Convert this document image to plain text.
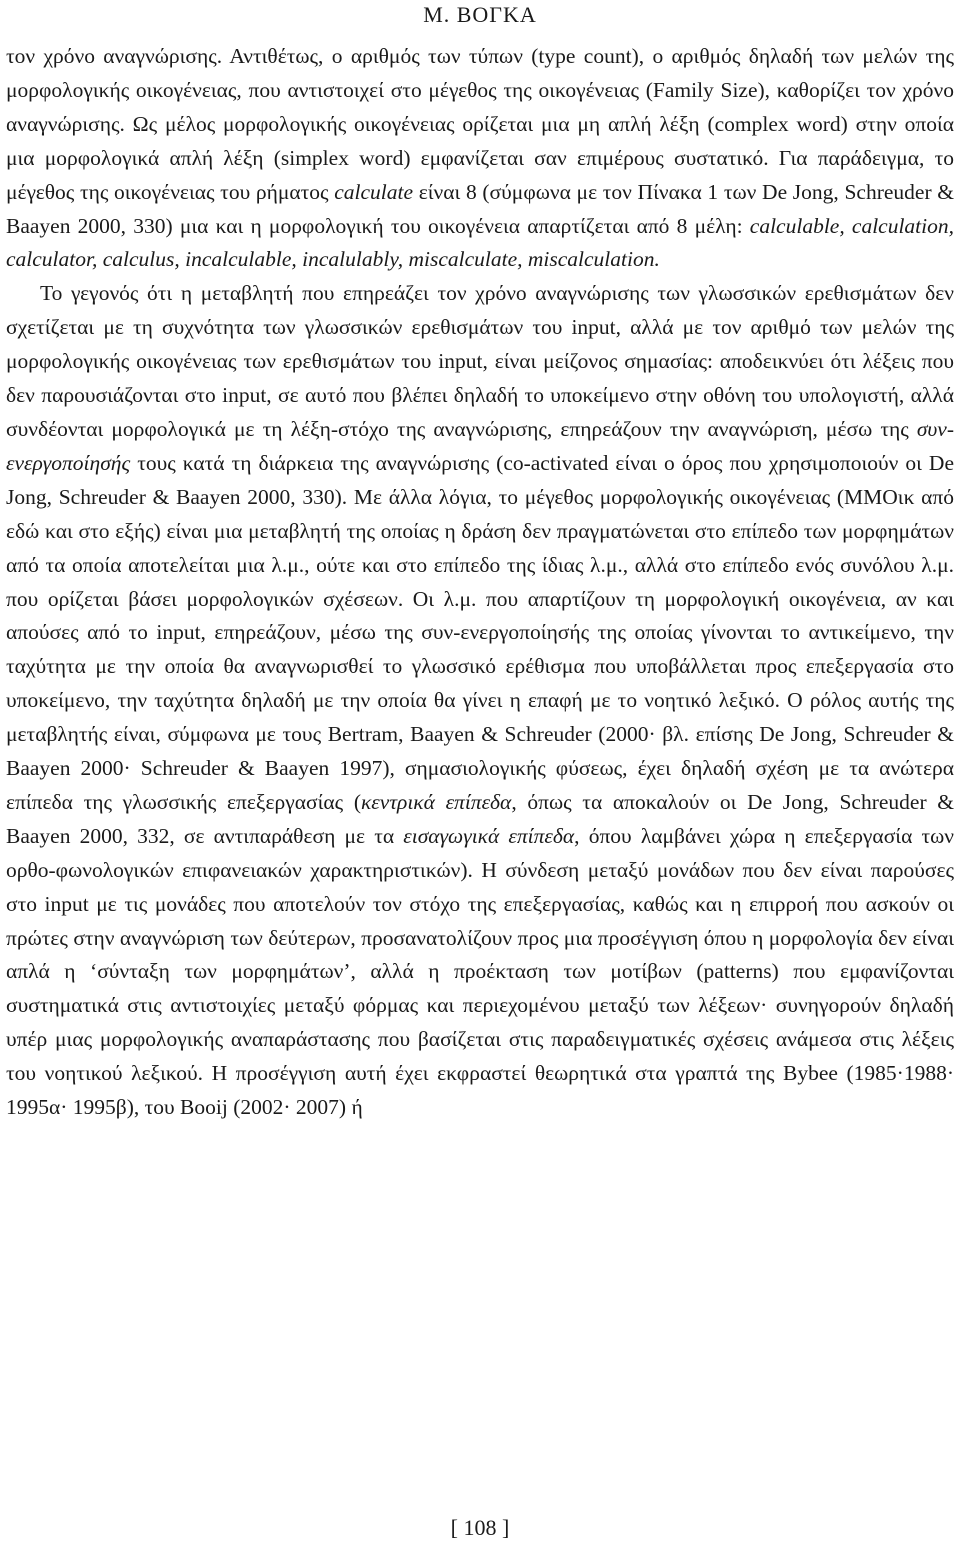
Μ. ΒΟΓΚΑ

τον χρόνο αναγνώρισης. Αντιθέτως, ο αριθμός των τύπων (type count), ο αριθμός δηλαδή των μελών της μορφολογικής οικογένειας, που αντιστοιχεί στο μέγεθος της οικογένειας (Family Size), καθορίζει τον χρόνο αναγνώρισης. Ως μέλος μορφολογικής οικογένειας ορίζεται μια μη απλή λέξη (complex word) στην οποία μια μορφολογικά απλή λέξη (simplex word) εμφανίζεται σαν επιμέρους συστατικό. Για παράδειγμα, το μέγεθος της οικογένειας του ρήματος calculate είναι 8 (σύμφωνα με τον Πίνακα 1 των De Jong, Schreuder & Baayen 2000, 330) μια και η μορφολογική του οικογένεια απαρτίζεται από 8 μέλη: calculable, calculation, calculator, calculus, incalculable, incalulably, miscalculate, miscalculation.

Το γεγονός ότι η μεταβλητή που επηρεάζει τον χρόνο αναγνώρισης των γλωσσικών ερεθισμάτων δεν σχετίζεται με τη συχνότητα των γλωσσικών ερεθισμάτων του input, αλλά με τον αριθμό των μελών της μορφολογικής οικογένειας των ερεθισμάτων του input, είναι μείζονος σημασίας: αποδεικνύει ότι λέξεις που δεν παρουσιάζονται στο input, σε αυτό που βλέπει δηλαδή το υποκείμενο στην οθόνη του υπολογιστή, αλλά συνδέονται μορφολογικά με τη λέξη-στόχο της αναγνώρισης, επηρεάζουν την αναγνώριση, μέσω της συν-ενεργοποίησής τους κατά τη διάρκεια της αναγνώρισης (co-activated είναι ο όρος που χρησιμοποιούν οι De Jong, Schreuder & Baayen 2000, 330). Με άλλα λόγια, το μέγεθος μορφολογικής οικογένειας (ΜΜΟικ από εδώ και στο εξής) είναι μια μεταβλητή της οποίας η δράση δεν πραγματώνεται στο επίπεδο των μορφημάτων από τα οποία αποτελείται μια λ.μ., ούτε και στο επίπεδο της ίδιας λ.μ., αλλά στο επίπεδο ενός συνόλου λ.μ. που ορίζεται βάσει μορφολογικών σχέσεων. Οι λ.μ. που απαρτίζουν τη μορφολογική οικογένεια, αν και απούσες από το input, επηρεάζουν, μέσω της συν-ενεργοποίησής της οποίας γίνονται το αντικείμενο, την ταχύτητα με την οποία θα αναγνωρισθεί το γλωσσικό ερέθισμα που υποβάλλεται προς επεξεργασία στο υποκείμενο, την ταχύτητα δηλαδή με την οποία θα γίνει η επαφή με το νοητικό λεξικό. Ο ρόλος αυτής της μεταβλητής είναι, σύμφωνα με τους Bertram, Baayen & Schreuder (2000· βλ. επίσης De Jong, Schreuder & Baayen 2000· Schreuder & Baayen 1997), σημασιολογικής φύσεως, έχει δηλαδή σχέση με τα ανώτερα επίπεδα της γλωσσικής επεξεργασίας (κεντρικά επίπεδα, όπως τα αποκαλούν οι De Jong, Schreuder & Baayen 2000, 332, σε αντιπαράθεση με τα εισαγωγικά επίπεδα, όπου λαμβάνει χώρα η επεξεργασία των ορθο-φωνολογικών επιφανειακών χαρακτηριστικών). Η σύνδεση μεταξύ μονάδων που δεν είναι παρούσες στο input με τις μονάδες που αποτελούν τον στόχο της επεξεργασίας, καθώς και η επιρροή που ασκούν οι πρώτες στην αναγνώριση των δεύτερων, προσανατολίζουν προς μια προσέγγιση όπου η μορφολογία δεν είναι απλά η ‘σύνταξη των μορφημάτων’, αλλά η προέκταση των μοτίβων (patterns) που εμφανίζονται συστηματικά στις αντιστοιχίες μεταξύ φόρμας και περιεχομένου μεταξύ των λέξεων· συνηγορούν δηλαδή υπέρ μιας μορφολογικής αναπαράστασης που βασίζεται στις παραδειγματικές σχέσεις ανάμεσα στις λέξεις του νοητικού λεξικού. Η προσέγγιση αυτή έχει εκφραστεί θεωρητικά στα γραπτά της Bybee (1985·1988· 1995α· 1995β), του Booij (2002· 2007) ή

[ 108 ]
